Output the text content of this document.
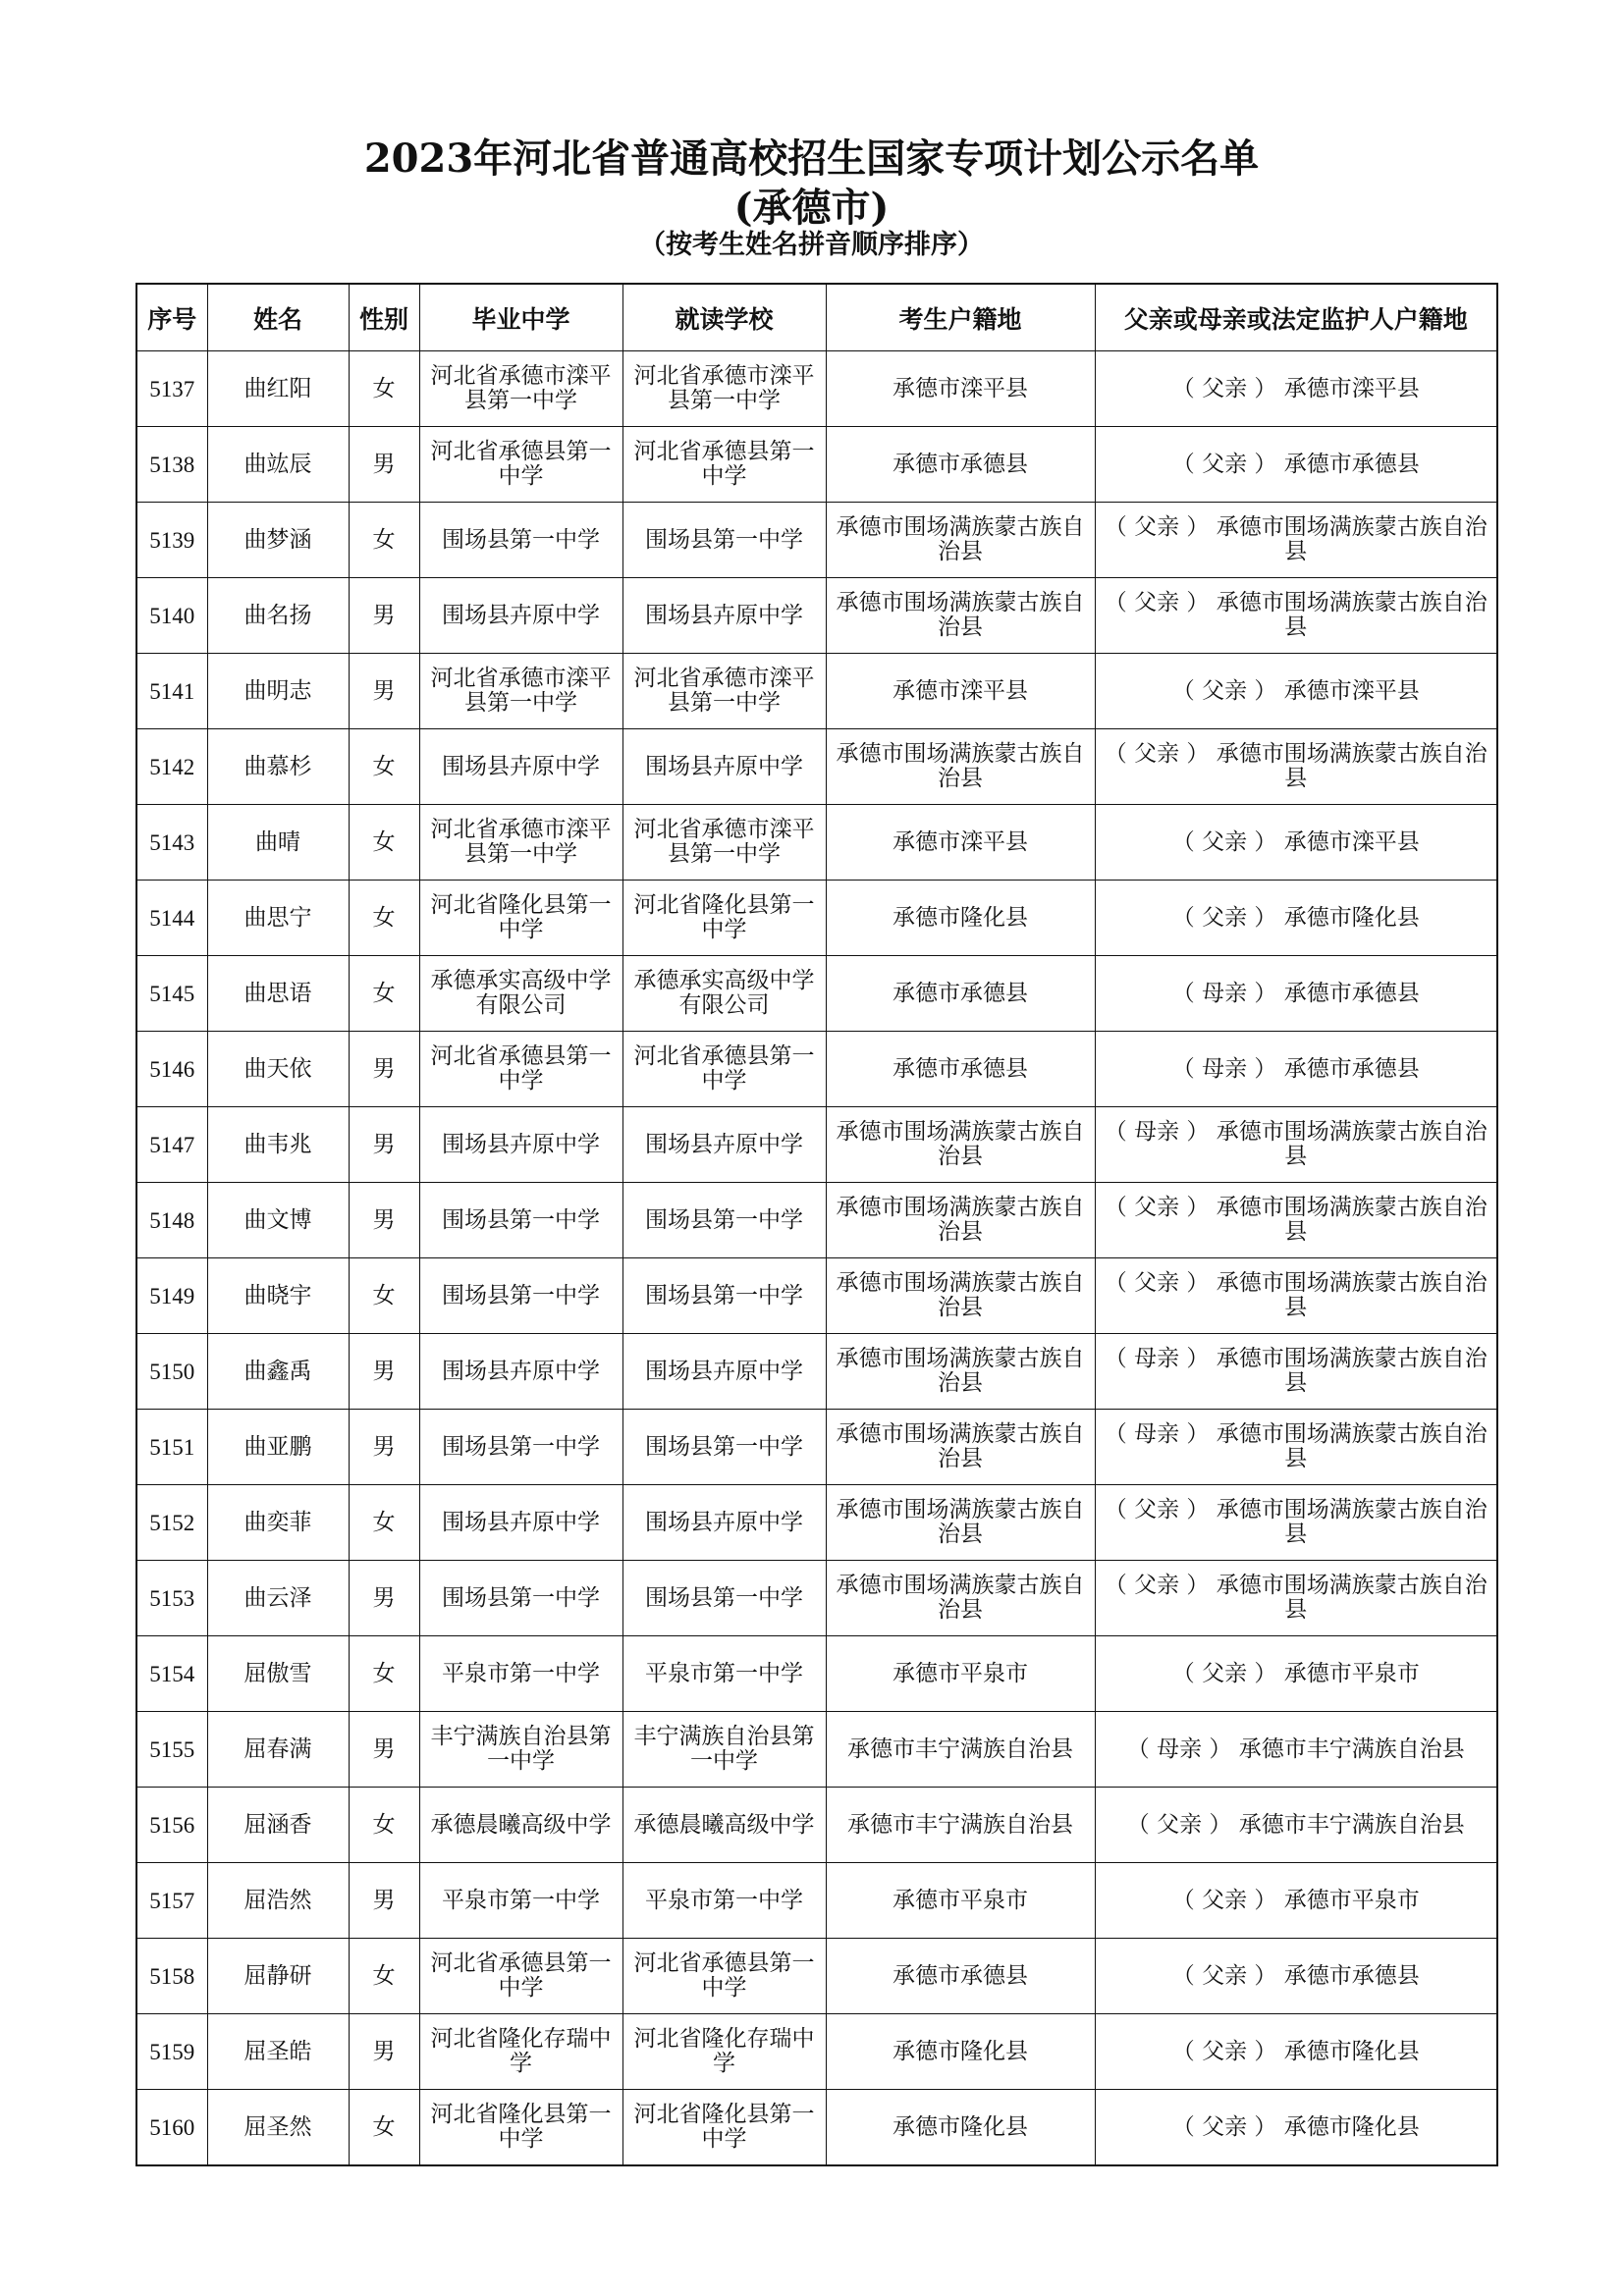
2023年河北省普通高校招生国家专项计划公示名单
(承德市)
（按考生姓名拼音顺序排序）
序号	姓名	性别	毕业中学	就读学校	考生户籍地	父亲或母亲或法定监护人户籍地
5137	曲红阳	女	河北省承德市滦平县第一中学	河北省承德市滦平县第一中学	承德市滦平县	（ 父亲 ） 承德市滦平县
5138	曲竑辰	男	河北省承德县第一中学	河北省承德县第一中学	承德市承德县	（ 父亲 ） 承德市承德县
5139	曲梦涵	女	围场县第一中学	围场县第一中学	承德市围场满族蒙古族自治县	（ 父亲 ） 承德市围场满族蒙古族自治县
5140	曲名扬	男	围场县卉原中学	围场县卉原中学	承德市围场满族蒙古族自治县	（ 父亲 ） 承德市围场满族蒙古族自治县
5141	曲明志	男	河北省承德市滦平县第一中学	河北省承德市滦平县第一中学	承德市滦平县	（ 父亲 ） 承德市滦平县
5142	曲慕杉	女	围场县卉原中学	围场县卉原中学	承德市围场满族蒙古族自治县	（ 父亲 ） 承德市围场满族蒙古族自治县
5143	曲晴	女	河北省承德市滦平县第一中学	河北省承德市滦平县第一中学	承德市滦平县	（ 父亲 ） 承德市滦平县
5144	曲思宁	女	河北省隆化县第一中学	河北省隆化县第一中学	承德市隆化县	（ 父亲 ） 承德市隆化县
5145	曲思语	女	承德承实高级中学有限公司	承德承实高级中学有限公司	承德市承德县	（ 母亲 ） 承德市承德县
5146	曲天依	男	河北省承德县第一中学	河北省承德县第一中学	承德市承德县	（ 母亲 ） 承德市承德县
5147	曲韦兆	男	围场县卉原中学	围场县卉原中学	承德市围场满族蒙古族自治县	（ 母亲 ） 承德市围场满族蒙古族自治县
5148	曲文博	男	围场县第一中学	围场县第一中学	承德市围场满族蒙古族自治县	（ 父亲 ） 承德市围场满族蒙古族自治县
5149	曲晓宇	女	围场县第一中学	围场县第一中学	承德市围场满族蒙古族自治县	（ 父亲 ） 承德市围场满族蒙古族自治县
5150	曲鑫禹	男	围场县卉原中学	围场县卉原中学	承德市围场满族蒙古族自治县	（ 母亲 ） 承德市围场满族蒙古族自治县
5151	曲亚鹏	男	围场县第一中学	围场县第一中学	承德市围场满族蒙古族自治县	（ 母亲 ） 承德市围场满族蒙古族自治县
5152	曲奕菲	女	围场县卉原中学	围场县卉原中学	承德市围场满族蒙古族自治县	（ 父亲 ） 承德市围场满族蒙古族自治县
5153	曲云泽	男	围场县第一中学	围场县第一中学	承德市围场满族蒙古族自治县	（ 父亲 ） 承德市围场满族蒙古族自治县
5154	屈傲雪	女	平泉市第一中学	平泉市第一中学	承德市平泉市	（ 父亲 ） 承德市平泉市
5155	屈春满	男	丰宁满族自治县第一中学	丰宁满族自治县第一中学	承德市丰宁满族自治县	（ 母亲 ） 承德市丰宁满族自治县
5156	屈涵香	女	承德晨曦高级中学	承德晨曦高级中学	承德市丰宁满族自治县	（ 父亲 ） 承德市丰宁满族自治县
5157	屈浩然	男	平泉市第一中学	平泉市第一中学	承德市平泉市	（ 父亲 ） 承德市平泉市
5158	屈静研	女	河北省承德县第一中学	河北省承德县第一中学	承德市承德县	（ 父亲 ） 承德市承德县
5159	屈圣皓	男	河北省隆化存瑞中学	河北省隆化存瑞中学	承德市隆化县	（ 父亲 ） 承德市隆化县
5160	屈圣然	女	河北省隆化县第一中学	河北省隆化县第一中学	承德市隆化县	（ 父亲 ） 承德市隆化县
